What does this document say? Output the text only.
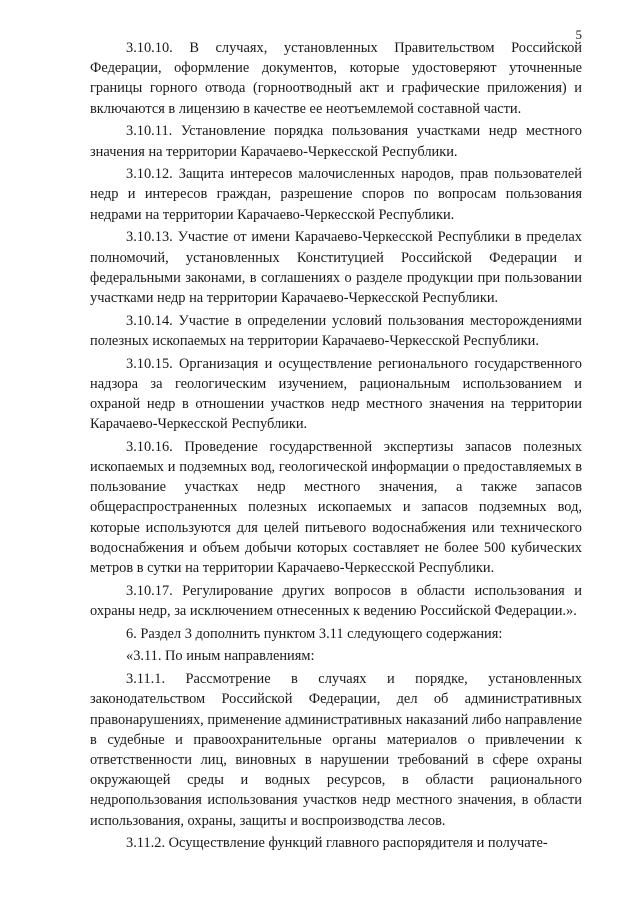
5

3.10.10. В случаях, установленных Правительством Российской Федерации, оформление документов, которые удостоверяют уточненные границы горного отвода (горноотводный акт и графические приложения) и включаются в лицензию в качестве ее неотъемлемой составной части.

3.10.11. Установление порядка пользования участками недр местного значения на территории Карачаево-Черкесской Республики.

3.10.12. Защита интересов малочисленных народов, прав пользователей недр и интересов граждан, разрешение споров по вопросам пользования недрами на территории Карачаево-Черкесской Республики.

3.10.13. Участие от имени Карачаево-Черкесской Республики в пределах полномочий, установленных Конституцией Российской Федерации и федеральными законами, в соглашениях о разделе продукции при пользовании участками недр на территории Карачаево-Черкесской Республики.

3.10.14. Участие в определении условий пользования месторождениями полезных ископаемых на территории Карачаево-Черкесской Республики.

3.10.15. Организация и осуществление регионального государственного надзора за геологическим изучением, рациональным использованием и охраной недр в отношении участков недр местного значения на территории Карачаево-Черкесской Республики.

3.10.16. Проведение государственной экспертизы запасов полезных ископаемых и подземных вод, геологической информации о предоставляемых в пользование участках недр местного значения, а также запасов общераспространенных полезных ископаемых и запасов подземных вод, которые используются для целей питьевого водоснабжения или технического водоснабжения и объем добычи которых составляет не более 500 кубических метров в сутки на территории Карачаево-Черкесской Республики.

3.10.17. Регулирование других вопросов в области использования и охраны недр, за исключением отнесенных к ведению Российской Федерации.».

6. Раздел 3 дополнить пунктом 3.11 следующего содержания:

«3.11. По иным направлениям:

3.11.1. Рассмотрение в случаях и порядке, установленных законодательством Российской Федерации, дел об административных правонарушениях, применение административных наказаний либо направление в судебные и правоохранительные органы материалов о привлечении к ответственности лиц, виновных в нарушении требований в сфере охраны окружающей среды и водных ресурсов, в области рационального недропользования использования участков недр местного значения, в области использования, охраны, защиты и воспроизводства лесов.

3.11.2. Осуществление функций главного распорядителя и получате-
